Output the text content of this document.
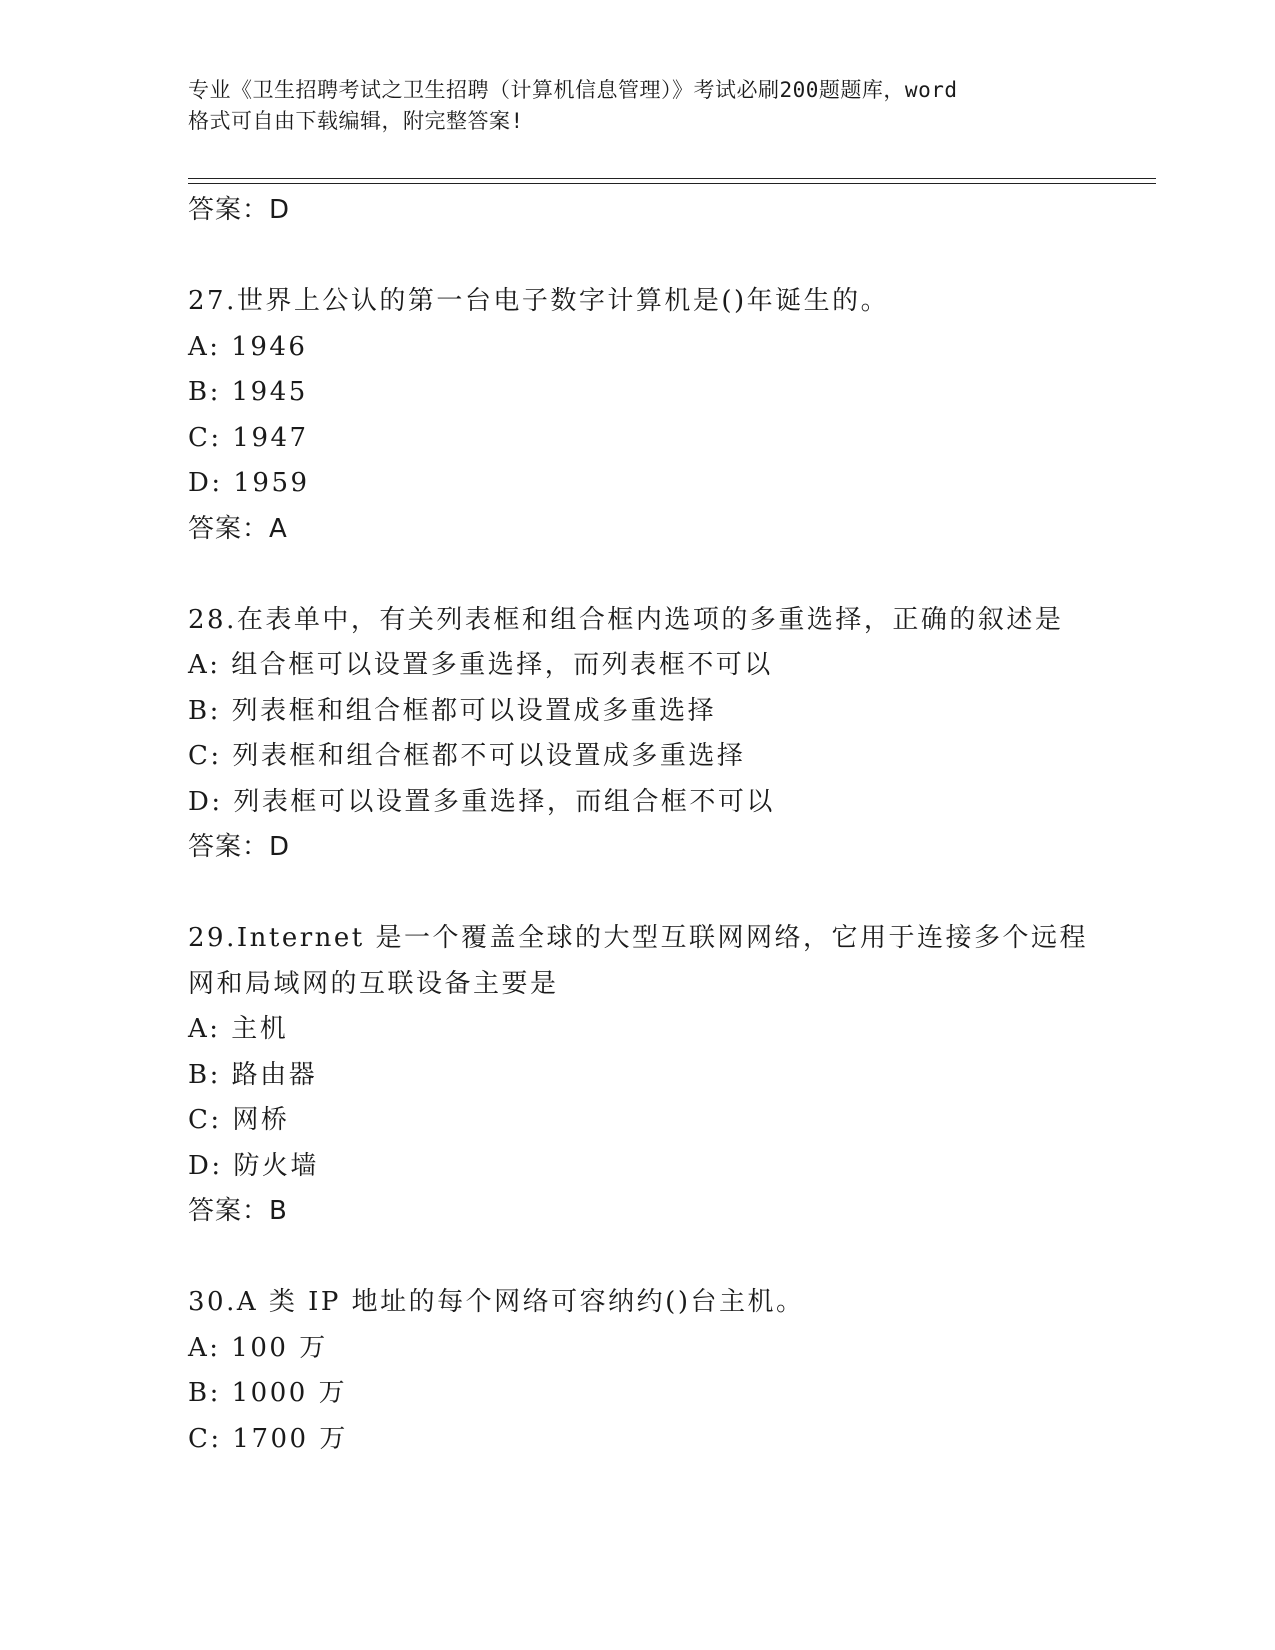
专业《卫生招聘考试之卫生招聘（计算机信息管理）》考试必刷200题题库，word
格式可自由下载编辑，附完整答案!
答案：D
27.世界上公认的第一台电子数字计算机是()年诞生的。
A: 1946
B: 1945
C: 1947
D: 1959
答案：A
28.在表单中，有关列表框和组合框内选项的多重选择，正确的叙述是
A: 组合框可以设置多重选择，而列表框不可以
B: 列表框和组合框都可以设置成多重选择
C: 列表框和组合框都不可以设置成多重选择
D: 列表框可以设置多重选择，而组合框不可以
答案：D
29.Internet 是一个覆盖全球的大型互联网网络，它用于连接多个远程
网和局域网的互联设备主要是
A: 主机
B: 路由器
C: 网桥
D: 防火墙
答案：B
30.A 类 IP 地址的每个网络可容纳约()台主机。
A: 100 万
B: 1000 万
C: 1700 万
